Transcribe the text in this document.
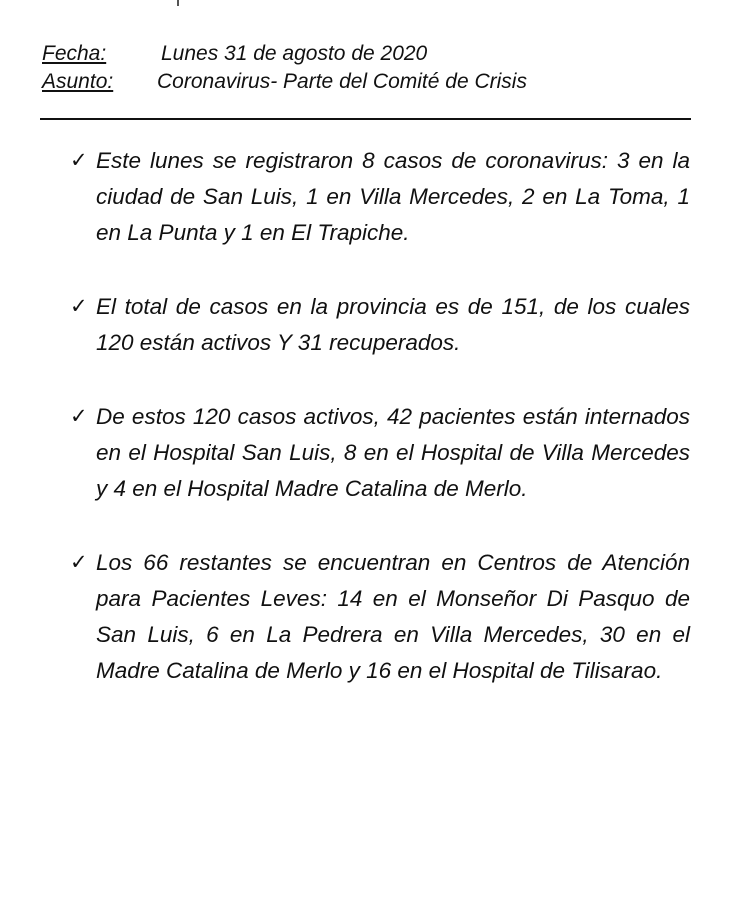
Fecha:	Lunes 31 de agosto de 2020
Asunto:	Coronavirus- Parte del Comité de Crisis
✓ Este lunes se registraron 8 casos de coronavirus: 3 en la ciudad de San Luis, 1 en Villa Mercedes, 2 en La Toma, 1 en La Punta y 1 en El Trapiche.
✓ El total de casos en la provincia es de 151, de los cuales 120 están activos Y 31 recuperados.
✓ De estos 120 casos activos, 42 pacientes están internados en el Hospital San Luis, 8 en el Hospital de Villa Mercedes y 4 en el Hospital Madre Catalina de Merlo.
✓ Los 66 restantes se encuentran en Centros de Atención para Pacientes Leves: 14 en el Monseñor Di Pasquo de San Luis, 6 en La Pedrera en Villa Mercedes, 30 en el Madre Catalina de Merlo y 16 en el Hospital de Tilisarao.
